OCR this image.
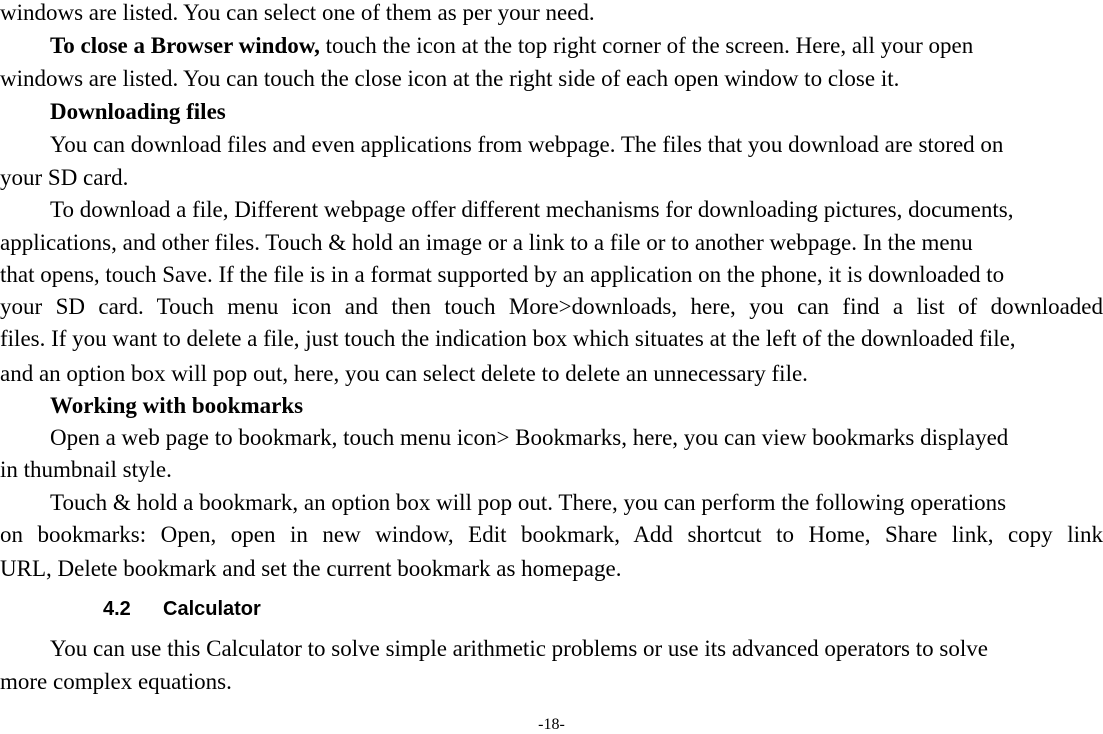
windows are listed. You can select one of them as per your need.
To close a Browser window, touch the icon at the top right corner of the screen. Here, all your open
windows are listed. You can touch the close icon at the right side of each open window to close it.
Downloading files
You can download files and even applications from webpage. The files that you download are stored on
your SD card.
To download a file, Different webpage offer different mechanisms for downloading pictures, documents,
applications, and other files. Touch & hold an image or a link to a file or to another webpage. In the menu
that opens, touch Save. If the file is in a format supported by an application on the phone, it is downloaded to
your SD card. Touch menu icon and then touch More>downloads, here, you can find a list of downloaded
files. If you want to delete a file, just touch the indication box which situates at the left of the downloaded file,
and an option box will pop out, here, you can select delete to delete an unnecessary file.
Working with bookmarks
Open a web page to bookmark, touch menu icon> Bookmarks, here, you can view bookmarks displayed
in thumbnail style.
Touch & hold a bookmark, an option box will pop out. There, you can perform the following operations
on bookmarks: Open, open in new window, Edit bookmark, Add shortcut to Home, Share link, copy link
URL, Delete bookmark and set the current bookmark as homepage.
4.2 Calculator
You can use this Calculator to solve simple arithmetic problems or use its advanced operators to solve
more complex equations.
-18-
